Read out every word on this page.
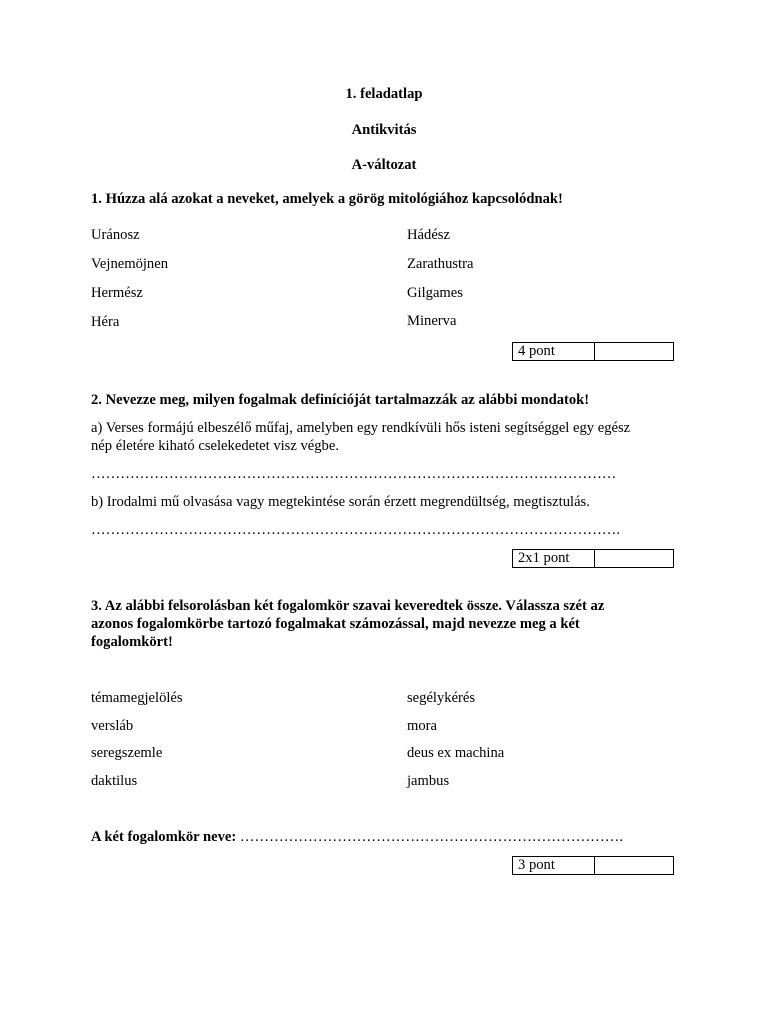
1. feladatlap
Antikvitás
A-változat
1. Húzza alá azokat a neveket, amelyek a görög mitológiához kapcsolódnak!
Uránosz
Vejnemöjnen
Hermész
Héra
Hádész
Zarathustra
Gilgames
Minerva
4 pont
2. Nevezze meg, milyen fogalmak definícióját tartalmazzák az alábbi mondatok!
a) Verses formájú elbeszélő műfaj, amelyben egy rendkívüli hős isteni segítséggel egy egész
nép életére kiható cselekedetet visz végbe.
………………………………………………………………………………………………
b) Irodalmi mű olvasása vagy megtekintése során érzett megrendültség, megtisztulás.
……………………………………………………………………………………………….
2x1 pont
3. Az alábbi felsorolásban két fogalomkör szavai keveredtek össze. Válassza szét az
azonos fogalomkörbe tartozó fogalmakat számozással, majd nevezze meg a két
fogalomkört!
témamegjelölés
versláb
seregszemle
daktilus
segélykérés
mora
deus ex machina
jambus
A két fogalomkör neve: …………………………………………………………………….
3 pont
